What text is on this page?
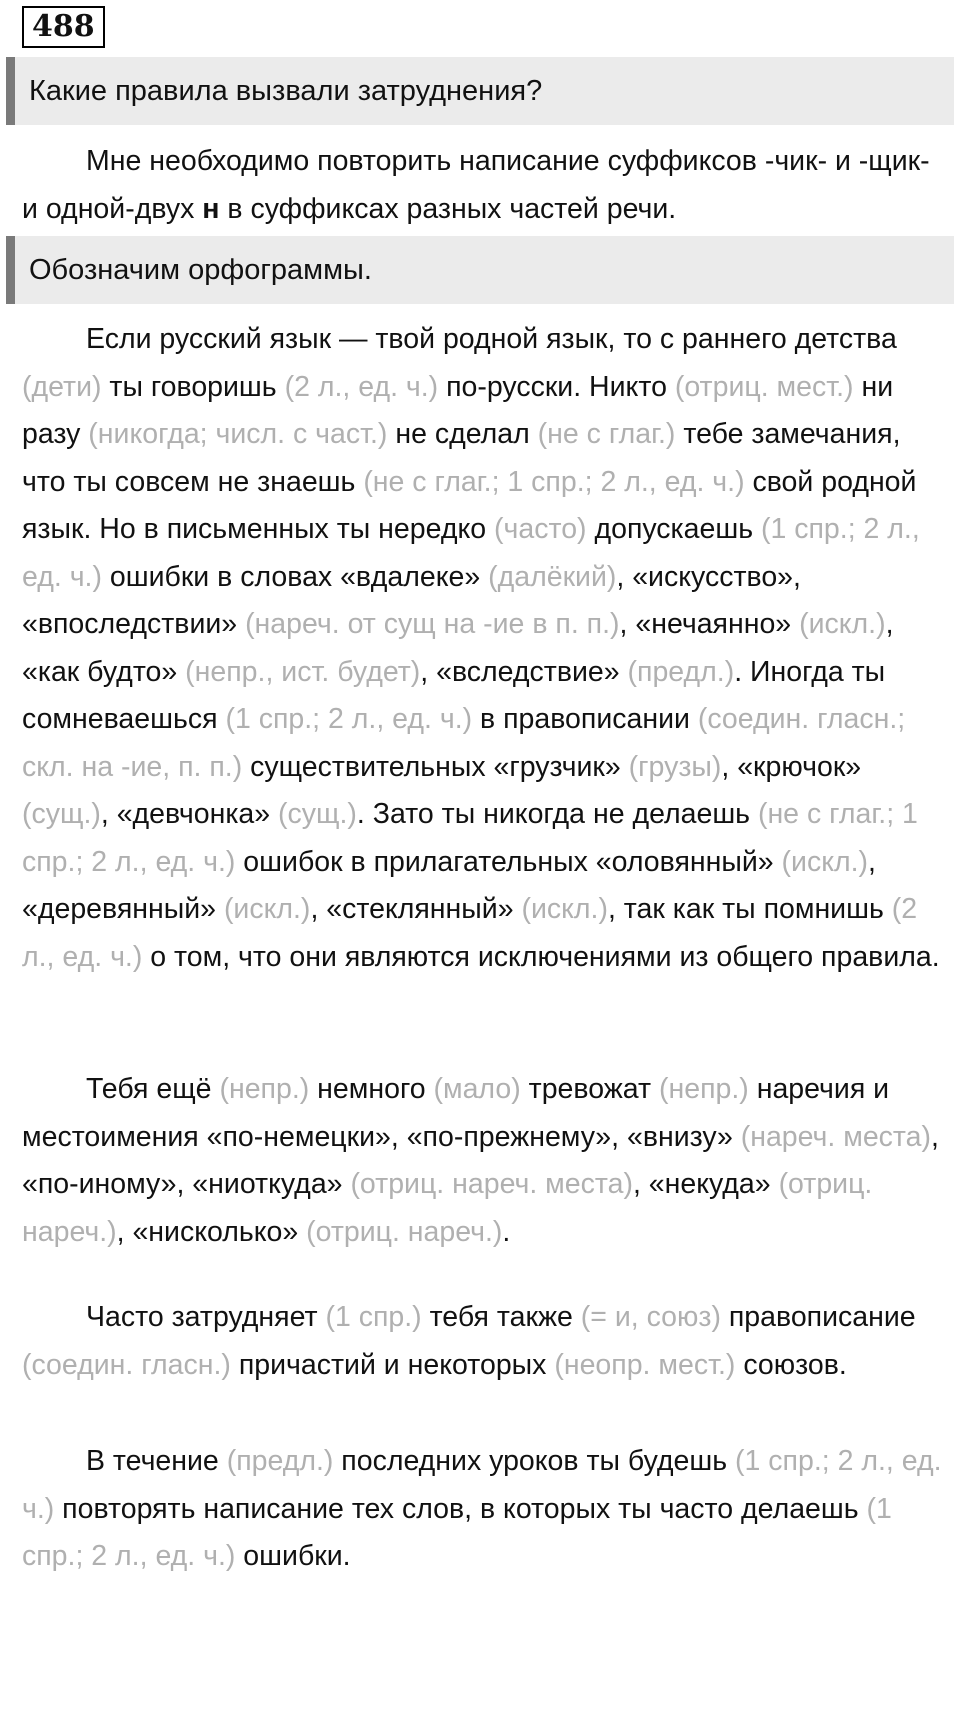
488
Какие правила вызвали затруднения?

Мне необходимо повторить написание суффиксов -чик- и -щик- и одной-двух н в суффиксах разных частей речи.

Обозначим орфограммы.

Если русский язык — твой родной язык, то с раннего детства (дети) ты говоришь (2 л., ед. ч.) по-русски. Никто (отриц. мест.) ни разу (никогда; числ. с част.) не сделал (не с глаг.) тебе замечания, что ты совсем не знаешь (не с глаг.; 1 спр.; 2 л., ед. ч.) свой родной язык. Но в письменных ты нередко (часто) допускаешь (1 спр.; 2 л., ед. ч.) ошибки в словах «вдалеке» (далёкий), «искусство», «впоследствии» (нареч. от сущ на -ие в п. п.), «нечаянно» (искл.), «как будто» (непр., ист. будет), «вследствие» (предл.). Иногда ты сомневаешься (1 спр.; 2 л., ед. ч.) в правописании (соедин. гласн.; скл. на -ие, п. п.) существительных «грузчик» (грузы), «крючок» (сущ.), «девчонка» (сущ.). Зато ты никогда не делаешь (не с глаг.; 1 спр.; 2 л., ед. ч.) ошибок в прилагательных «оловянный» (искл.), «деревянный» (искл.), «стеклянный» (искл.), так как ты помнишь (2 л., ед. ч.) о том, что они являются исключениями из общего правила.

Тебя ещё (непр.) немного (мало) тревожат (непр.) наречия и местоимения «по-немецки», «по-прежнему», «внизу» (нареч. места), «по-иному», «ниоткуда» (отриц. нареч. места), «некуда» (отриц. нареч.), «нисколько» (отриц. нареч.).

Часто затрудняет (1 спр.) тебя также (= и, союз) правописание (соедин. гласн.) причастий и некоторых (неопр. мест.) союзов.

В течение (предл.) последних уроков ты будешь (1 спр.; 2 л., ед. ч.) повторять написание тех слов, в которых ты часто делаешь (1 спр.; 2 л., ед. ч.) ошибки.
